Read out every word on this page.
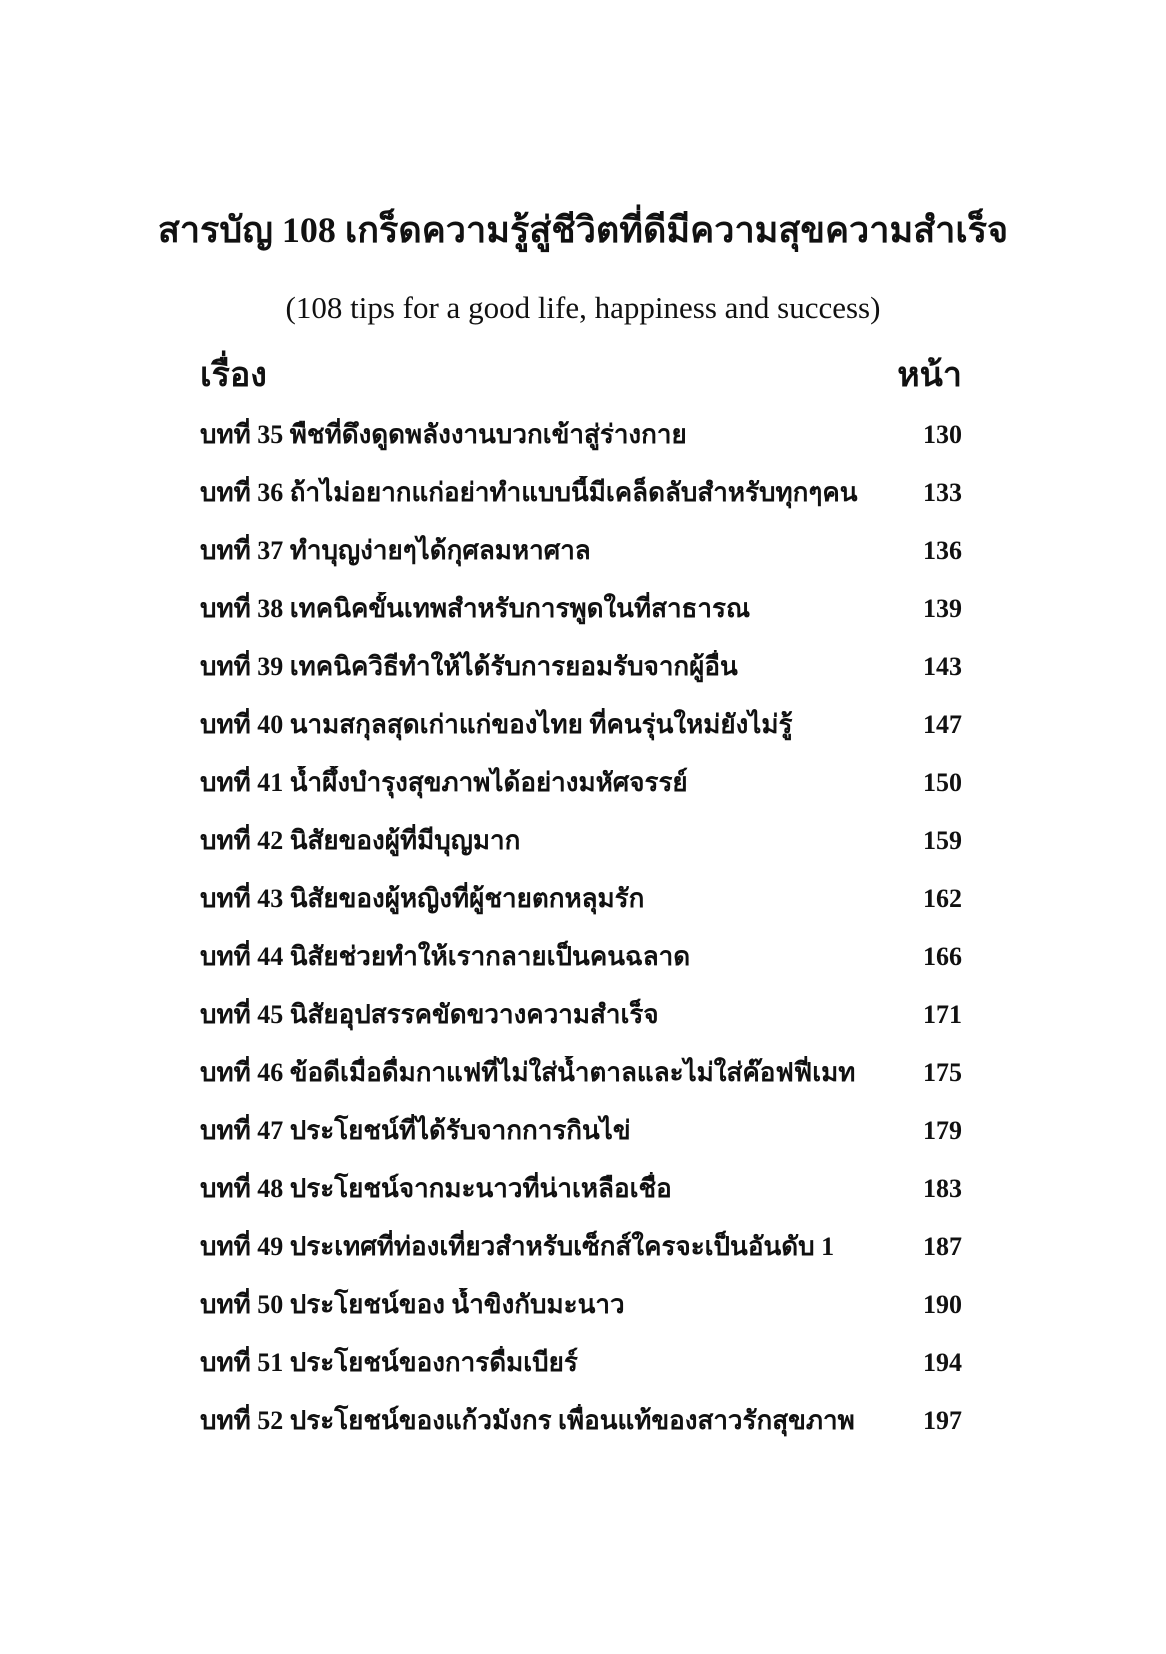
สารบัญ 108 เกร็ดความรู้สู่ชีวิตที่ดีมีความสุขความสำเร็จ
(108 tips for a good life, happiness and success)
เรื่อง	หน้า
บทที่ 35 พืชที่ดึงดูดพลังงานบวกเข้าสู่ร่างกาย	130
บทที่ 36 ถ้าไม่อยากแก่อย่าทำแบบนี้มีเคล็ดลับสำหรับทุกๆคน	133
บทที่ 37 ทำบุญง่ายๆได้กุศลมหาศาล	136
บทที่ 38 เทคนิคขั้นเทพสำหรับการพูดในที่สาธารณ	139
บทที่ 39 เทคนิควิธีทำให้ได้รับการยอมรับจากผู้อื่น	143
บทที่ 40 นามสกุลสุดเก่าแก่ของไทย ที่คนรุ่นใหม่ยังไม่รู้	147
บทที่ 41 น้ำผึ้งบำรุงสุขภาพได้อย่างมหัศจรรย์	150
บทที่ 42 นิสัยของผู้ที่มีบุญมาก	159
บทที่ 43 นิสัยของผู้หญิงที่ผู้ชายตกหลุมรัก	162
บทที่ 44 นิสัยช่วยทำให้เรากลายเป็นคนฉลาด	166
บทที่ 45 นิสัยอุปสรรคขัดขวางความสำเร็จ	171
บทที่ 46 ข้อดีเมื่อดื่มกาแฟที่ไม่ใส่น้ำตาลและไม่ใส่ค๊อฟฟี่เมท	175
บทที่ 47 ประโยชน์ที่ได้รับจากการกินไข่	179
บทที่ 48 ประโยชน์จากมะนาวที่น่าเหลือเชื่อ	183
บทที่ 49 ประเทศที่ท่องเที่ยวสำหรับเซ็กส์ใครจะเป็นอันดับ 1	187
บทที่ 50 ประโยชน์ของ น้ำขิงกับมะนาว	190
บทที่ 51 ประโยชน์ของการดื่มเบียร์	194
บทที่ 52 ประโยชน์ของแก้วมังกร เพื่อนแท้ของสาวรักสุขภาพ	197
